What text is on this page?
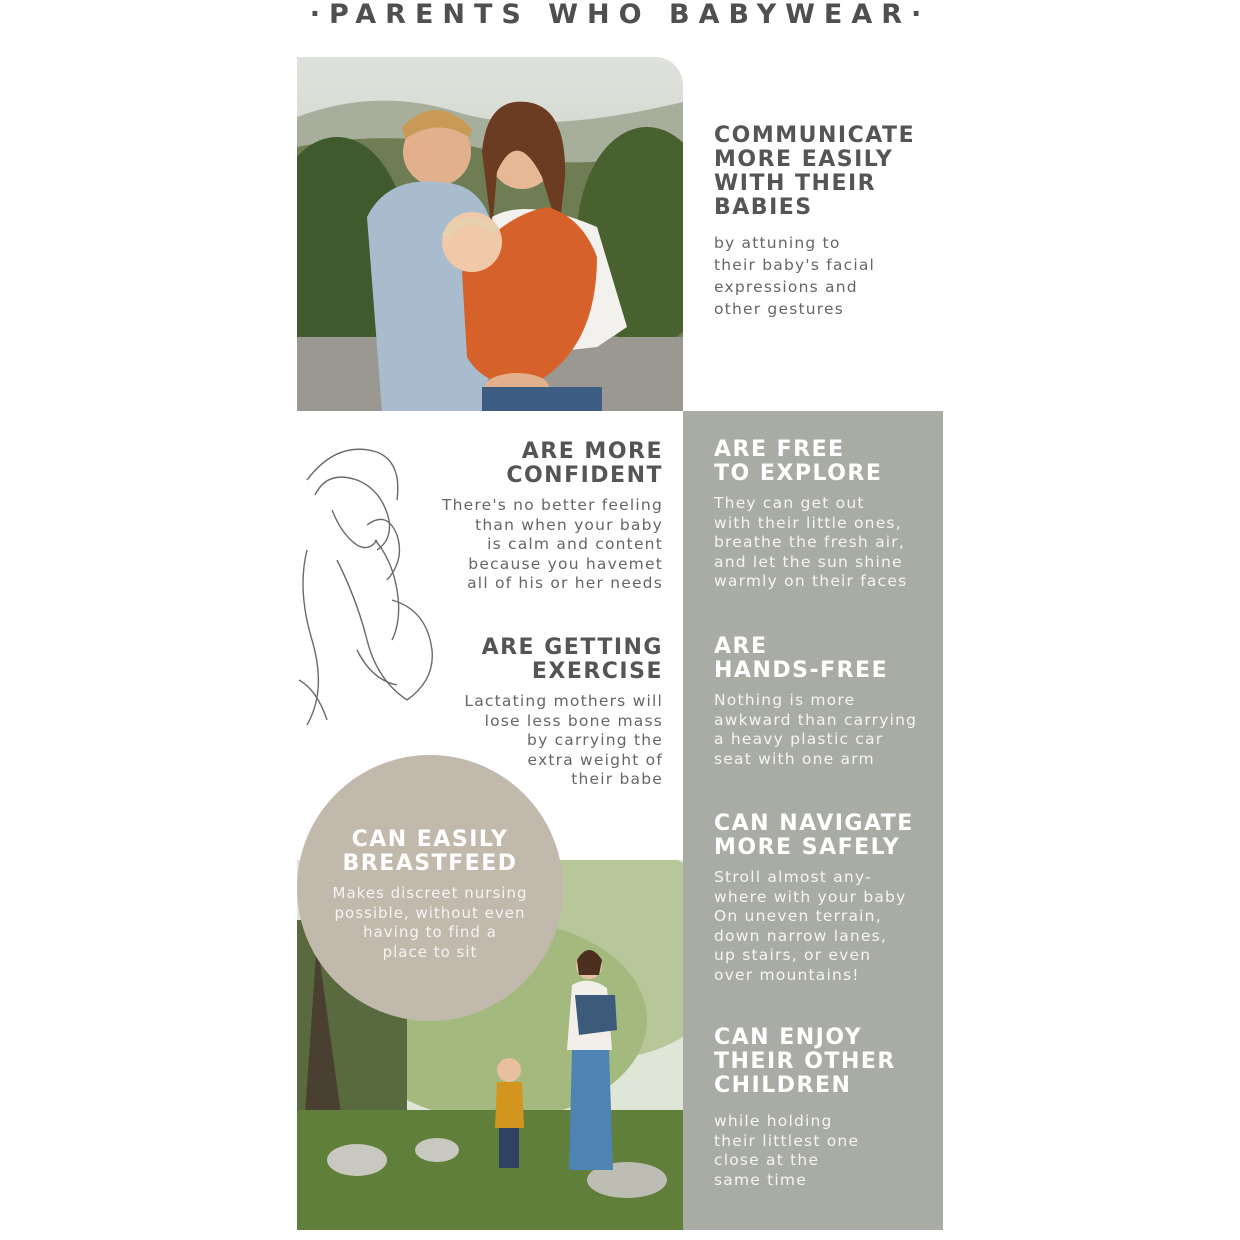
·PARENTS WHO BABYWEAR·
COMMUNICATE
MORE EASILY
WITH THEIR
BABIES
by attuning to
their baby's facial
expressions and
other gestures
ARE MORE
CONFIDENT
There's no better feeling
than when your baby
is calm and content
because you havemet
all of his or her needs
ARE GETTING
EXERCISE
Lactating mothers will
lose less bone mass
by carrying the
extra weight of
their babe
CAN EASILY
BREASTFEED
Makes discreet nursing
possible, without even
having to find a
place to sit
ARE FREE
TO EXPLORE
They can get out
with their little ones,
breathe the fresh air,
and let the sun shine
warmly on their faces
ARE
HANDS-FREE
Nothing is more
awkward than carrying
a heavy plastic car
seat with one arm
CAN NAVIGATE
MORE SAFELY
Stroll almost any-
where with your baby
On uneven terrain,
down narrow lanes,
up stairs, or even
over mountains!
CAN ENJOY
THEIR OTHER
CHILDREN
while holding
their littlest one
close at the
same time
